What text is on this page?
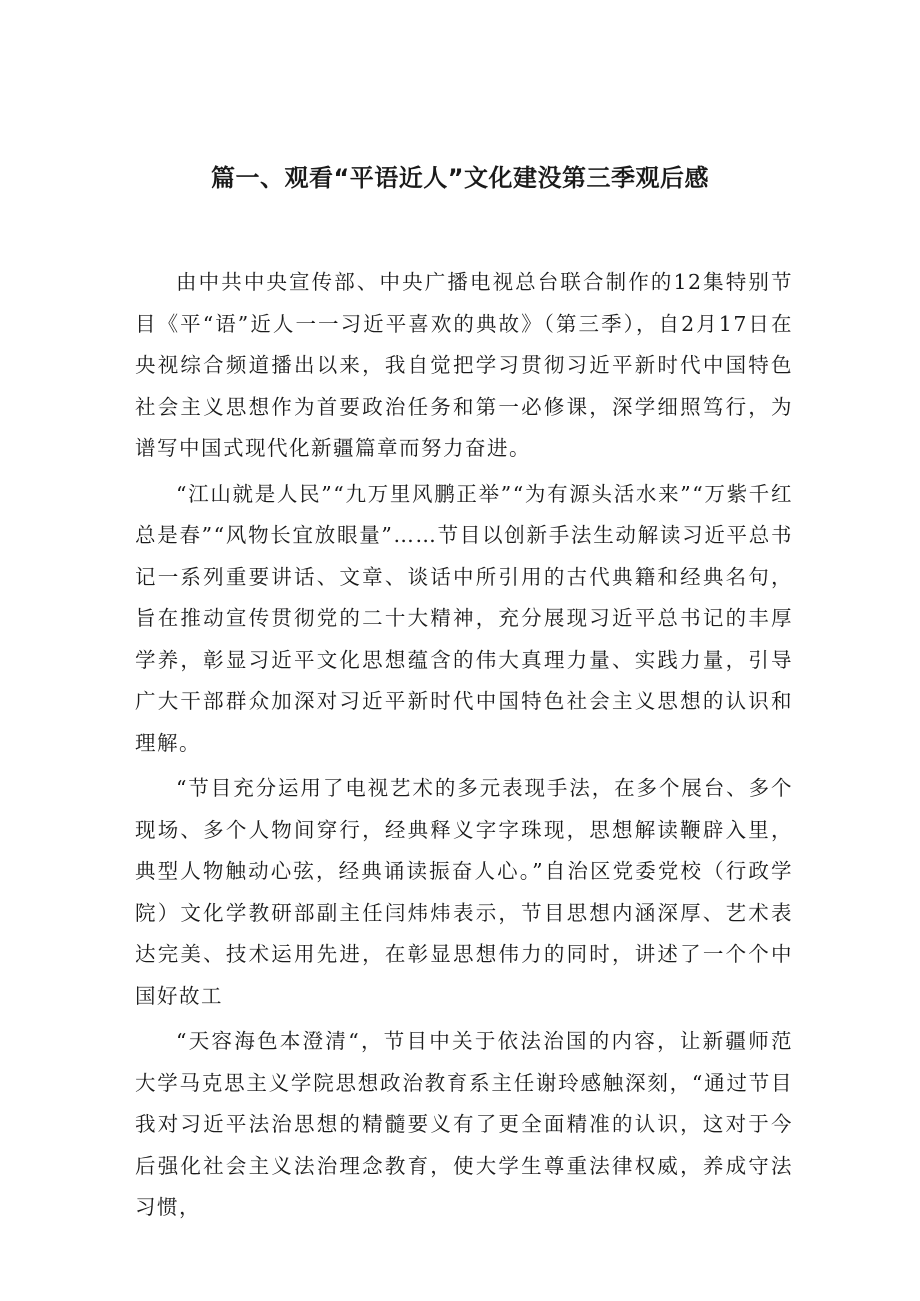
篇一、观看“平语近人”文化建没第三季观后感

由中共中央宣传部、中央广播电视总台联合制作的12集特别节目《平“语”近人一一习近平喜欢的典故》（第三季），自2月17日在央视综合频道播出以来，我自觉把学习贯彻习近平新时代中国特色社会主义思想作为首要政治任务和第一必修课，深学细照笃行，为谱写中国式现代化新疆篇章而努力奋进。

“江山就是人民”“九万里风鹏正举”“为有源头活水来”“万紫千红总是春”“风物长宜放眼量”……节目以创新手法生动解读习近平总书记一系列重要讲话、文章、谈话中所引用的古代典籍和经典名句，旨在推动宣传贯彻党的二十大精神，充分展现习近平总书记的丰厚学养，彰显习近平文化思想蕴含的伟大真理力量、实践力量，引导广大干部群众加深对习近平新时代中国特色社会主义思想的认识和理解。

“节目充分运用了电视艺术的多元表现手法，在多个展台、多个现场、多个人物间穿行，经典释义字字珠现，思想解读鞭辟入里，典型人物触动心弦，经典诵读振奋人心。”自治区党委党校（行政学院）文化学教研部副主任闫炜炜表示，节目思想内涵深厚、艺术表达完美、技术运用先进，在彰显思想伟力的同时，讲述了一个个中国好故工

“天容海色本澄清“，节目中关于依法治国的内容，让新疆师范大学马克思主义学院思想政治教育系主任谢玲感触深刻，“通过节目我对习近平法治思想的精髓要义有了更全面精准的认识，这对于今后强化社会主义法治理念教育，使大学生尊重法律权威，养成守法习惯，
